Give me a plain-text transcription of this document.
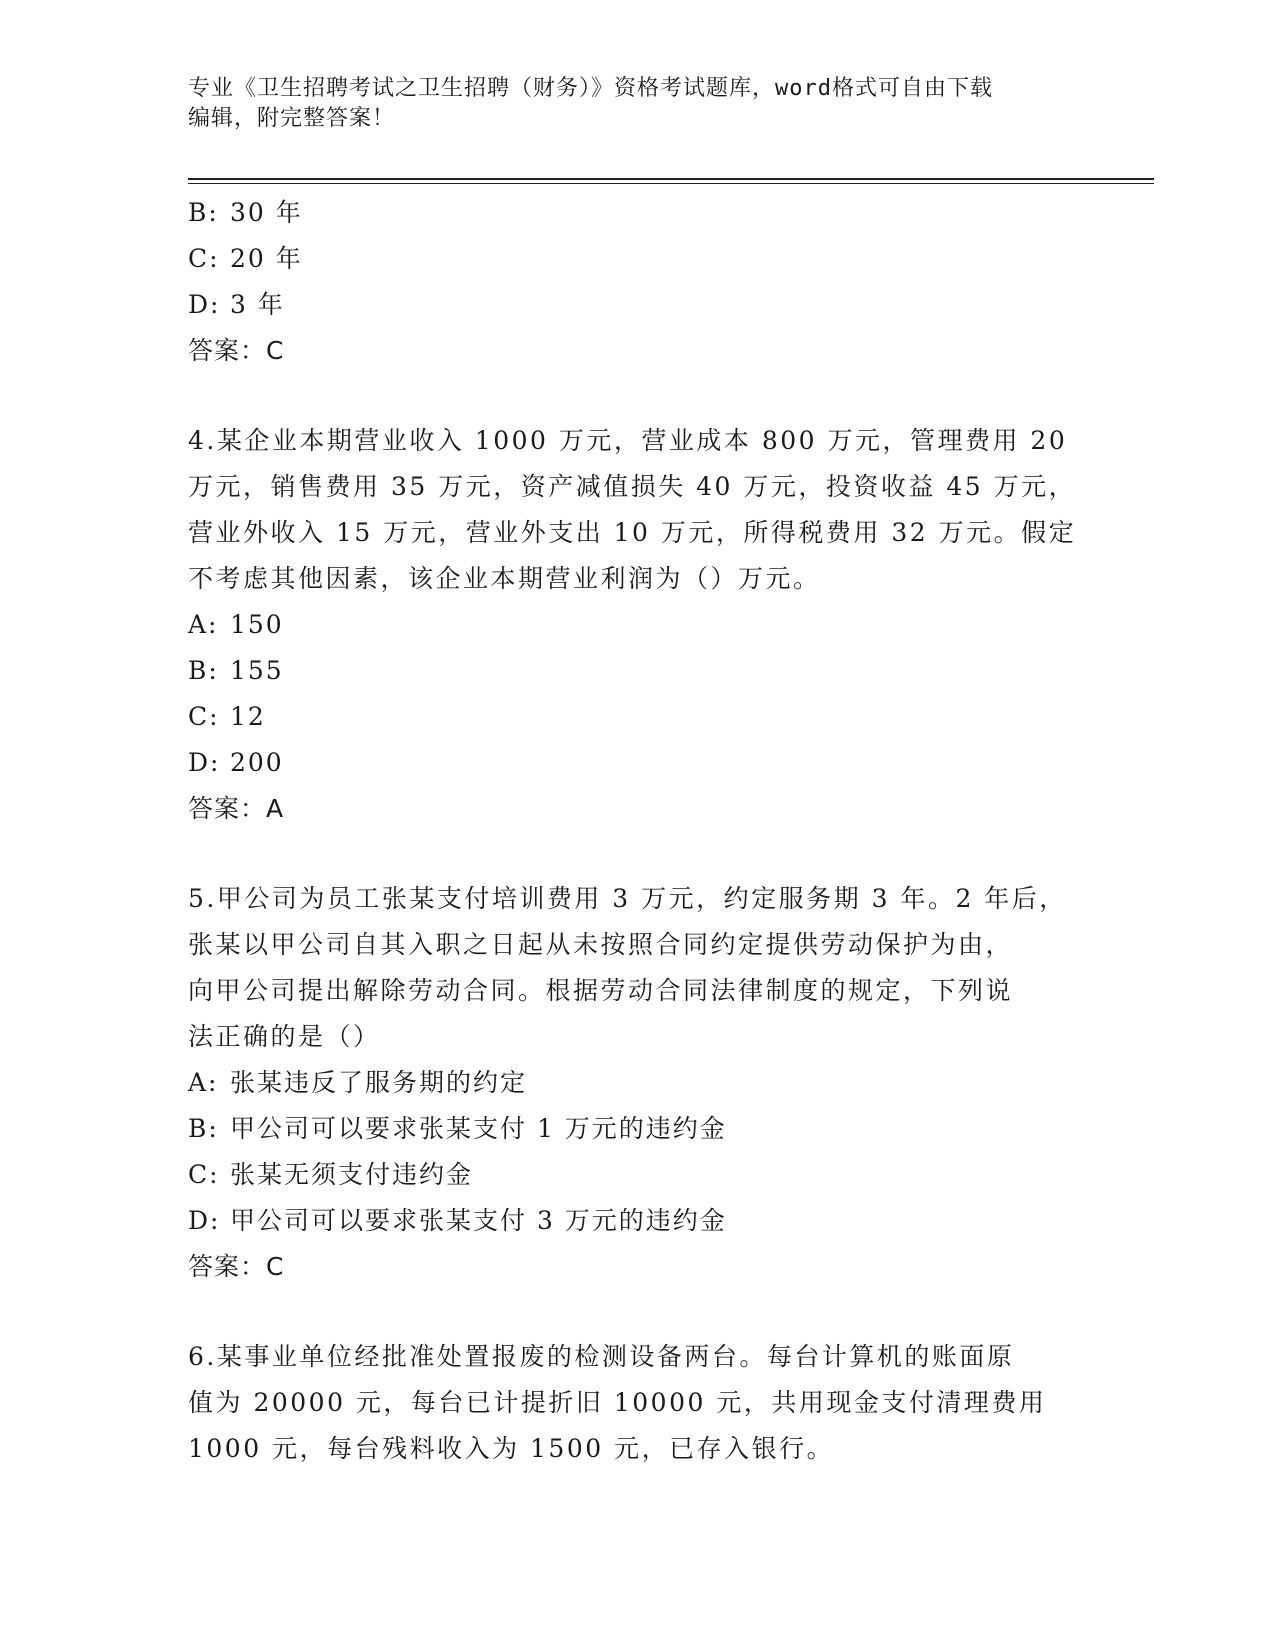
专业《卫生招聘考试之卫生招聘（财务）》资格考试题库，word格式可自由下载
编辑，附完整答案！
B: 30 年
C: 20 年
D: 3 年
答案：C
4.某企业本期营业收入 1000 万元，营业成本 800 万元，管理费用 20
万元，销售费用 35 万元，资产减值损失 40 万元，投资收益 45 万元，
营业外收入 15 万元，营业外支出 10 万元，所得税费用 32 万元。假定
不考虑其他因素，该企业本期营业利润为（）万元。
A: 150
B: 155
C: 12
D: 200
答案：A
5.甲公司为员工张某支付培训费用 3 万元，约定服务期 3 年。2 年后，
张某以甲公司自其入职之日起从未按照合同约定提供劳动保护为由，
向甲公司提出解除劳动合同。根据劳动合同法律制度的规定，下列说
法正确的是（）
A: 张某违反了服务期的约定
B: 甲公司可以要求张某支付 1 万元的违约金
C: 张某无须支付违约金
D: 甲公司可以要求张某支付 3 万元的违约金
答案：C
6.某事业单位经批准处置报废的检测设备两台。每台计算机的账面原
值为 20000 元，每台已计提折旧 10000 元，共用现金支付清理费用
1000 元，每台残料收入为 1500 元，已存入银行。
